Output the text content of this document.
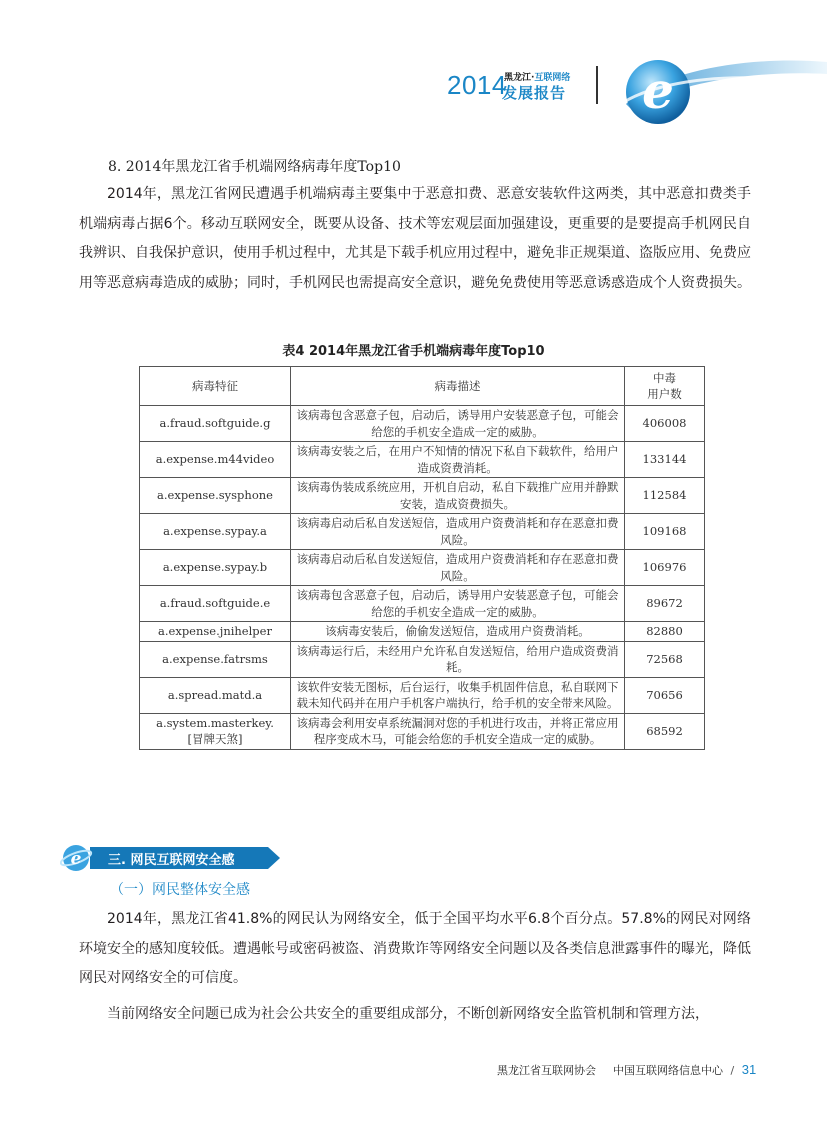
2014
黑龙江·互联网络
发展报告 e
8. 2014年黑龙江省手机端网络病毒年度Top10

2014年，黑龙江省网民遭遇手机端病毒主要集中于恶意扣费、恶意安装软件这两类，其中恶意扣费类手机端病毒占据6个。移动互联网安全，既要从设备、技术等宏观层面加强建设，更重要的是要提高手机网民自我辨识、自我保护意识，使用手机过程中，尤其是下载手机应用过程中，避免非正规渠道、盗版应用、免费应用等恶意病毒造成的威胁；同时，手机网民也需提高安全意识，避免免费使用等恶意诱惑造成个人资费损失。

表4 2014年黑龙江省手机端病毒年度Top10
病毒特征	病毒描述	中毒
用户数
a.fraud.softguide.g	该病毒包含恶意子包，启动后，诱导用户安装恶意子包，可能会给您的手机安全造成一定的威胁。	406008
a.expense.m44video	该病毒安装之后，在用户不知情的情况下私自下载软件，给用户造成资费消耗。	133144
a.expense.sysphone	该病毒伪装成系统应用，开机自启动，私自下载推广应用并静默安装，造成资费损失。	112584
a.expense.sypay.a	该病毒启动后私自发送短信，造成用户资费消耗和存在恶意扣费风险。	109168
a.expense.sypay.b	该病毒启动后私自发送短信，造成用户资费消耗和存在恶意扣费风险。	106976
a.fraud.softguide.e	该病毒包含恶意子包，启动后，诱导用户安装恶意子包，可能会给您的手机安全造成一定的威胁。	89672
a.expense.jnihelper	该病毒安装后，偷偷发送短信，造成用户资费消耗。	82880
a.expense.fatrsms	该病毒运行后，未经用户允许私自发送短信，给用户造成资费消耗。	72568
a.spread.matd.a	该软件安装无图标，后台运行，收集手机固件信息，私自联网下载未知代码并在用户手机客户端执行，给手机的安全带来风险。	70656
a.system.masterkey.
[冒牌天煞]	该病毒会利用安卓系统漏洞对您的手机进行攻击，并将正常应用程序变成木马，可能会给您的手机安全造成一定的威胁。	68592
e 三. 网民互联网安全感
（一）网民整体安全感

2014年，黑龙江省41.8%的网民认为网络安全，低于全国平均水平6.8个百分点。57.8%的网民对网络环境安全的感知度较低。遭遇帐号或密码被盗、消费欺诈等网络安全问题以及各类信息泄露事件的曝光，降低网民对网络安全的可信度。

当前网络安全问题已成为社会公共安全的重要组成部分，不断创新网络安全监管机制和管理方法，

黑龙江省互联网协会 中国互联网络信息中心 / 31
